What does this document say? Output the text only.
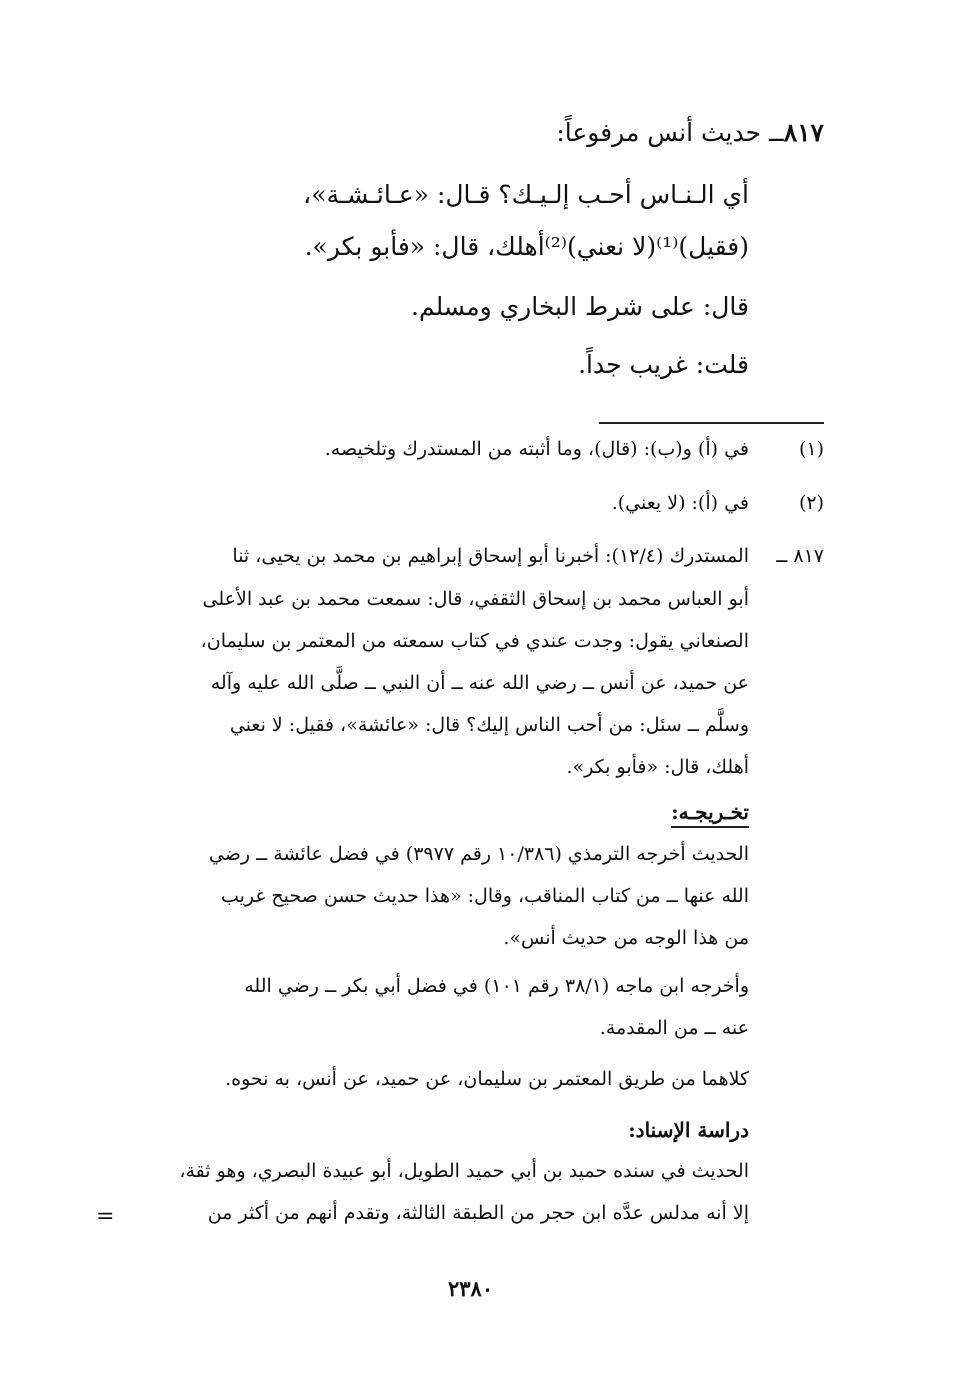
٨١٧ــ حديث أنس مرفوعاً:
أي الـنـاس أحـب إلـيـك؟ قـال: «عـائـشـة»،
(فقيل)⁽¹⁾(لا نعني)⁽²⁾أهلك، قال: «فأبو بكر».
قال: على شرط البخاري ومسلم.
قلت: غريب جداً.
(١)
في (أ) و(ب): (قال)، وما أثبته من المستدرك وتلخيصه.
(٢)
في (أ): (لا يعني).
٨١٧ ــ
المستدرك (١٢/٤): أخبرنا أبو إسحاق إبراهيم بن محمد بن يحيى، ثنا
أبو العباس محمد بن إسحاق الثقفي، قال: سمعت محمد بن عبد الأعلى
الصنعاني يقول: وجدت عندي في كتاب سمعته من المعتمر بن سليمان،
عن حميد، عن أنس ــ رضي الله عنه ــ أن النبي ــ صلَّى الله عليه وآله
وسلَّم ــ سئل: من أحب الناس إليك؟ قال: «عائشة»، فقيل: لا نعني
أهلك، قال: «فأبو بكر».
تخـريجـه:
الحديث أخرجه الترمذي (١٠/٣٨٦ رقم ٣٩٧٧) في فضل عائشة ــ رضي
الله عنها ــ من كتاب المناقب، وقال: «هذا حديث حسن صحيح غريب
من هذا الوجه من حديث أنس».
وأخرجه ابن ماجه (٣٨/١ رقم ١٠١) في فضل أبي بكر ــ رضي الله
عنه ــ من المقدمة.
كلاهما من طريق المعتمر بن سليمان، عن حميد، عن أنس، به نحوه.
دراسة الإسناد:
الحديث في سنده حميد بن أبي حميد الطويل، أبو عبيدة البصري، وهو ثقة،
إلا أنه مدلس عدَّه ابن حجر من الطبقة الثالثة، وتقدم أنهم من أكثر من
=
٢٣٨٠
